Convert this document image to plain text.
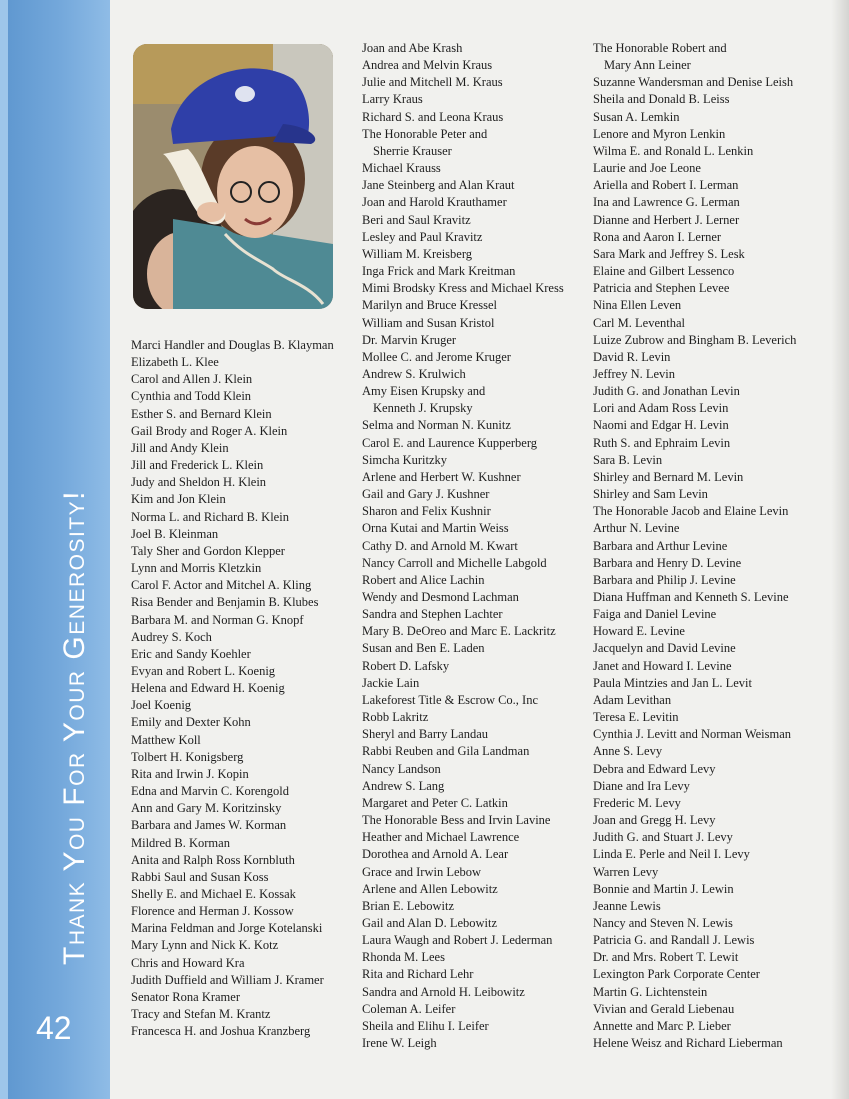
Thank You For Your Generosity!
42
Marci Handler and Douglas B. Klayman
Elizabeth L. Klee
Carol and Allen J. Klein
Cynthia and Todd Klein
Esther S. and Bernard Klein
Gail Brody and Roger A. Klein
Jill and Andy Klein
Jill and Frederick L. Klein
Judy and Sheldon H. Klein
Kim and Jon Klein
Norma L. and Richard B. Klein
Joel B. Kleinman
Taly Sher and Gordon Klepper
Lynn and Morris Kletzkin
Carol F. Actor and Mitchel A. Kling
Risa Bender and Benjamin B. Klubes
Barbara M. and Norman G. Knopf
Audrey S. Koch
Eric and Sandy Koehler
Evyan and Robert L. Koenig
Helena and Edward H. Koenig
Joel Koenig
Emily and Dexter Kohn
Matthew Koll
Tolbert H. Konigsberg
Rita and Irwin J. Kopin
Edna and Marvin C. Korengold
Ann and Gary M. Koritzinsky
Barbara and James W. Korman
Mildred B. Korman
Anita and Ralph Ross Kornbluth
Rabbi Saul and Susan Koss
Shelly E. and Michael E. Kossak
Florence and Herman J. Kossow
Marina Feldman and Jorge Kotelanski
Mary Lynn and Nick K. Kotz
Chris and Howard Kra
Judith Duffield and William J. Kramer
Senator Rona Kramer
Tracy and Stefan M. Krantz
Francesca H. and Joshua Kranzberg
Joan and Abe Krash
Andrea and Melvin Kraus
Julie and Mitchell M. Kraus
Larry Kraus
Richard S. and Leona Kraus
The Honorable Peter and
Sherrie Krauser
Michael Krauss
Jane Steinberg and Alan Kraut
Joan and Harold Krauthamer
Beri and Saul Kravitz
Lesley and Paul Kravitz
William M. Kreisberg
Inga Frick and Mark Kreitman
Mimi Brodsky Kress and Michael Kress
Marilyn and Bruce Kressel
William and Susan Kristol
Dr. Marvin Kruger
Mollee C. and Jerome Kruger
Andrew S. Krulwich
Amy Eisen Krupsky and
Kenneth J. Krupsky
Selma and Norman N. Kunitz
Carol E. and Laurence Kupperberg
Simcha Kuritzky
Arlene and Herbert W. Kushner
Gail and Gary J. Kushner
Sharon and Felix Kushnir
Orna Kutai and Martin Weiss
Cathy D. and Arnold M. Kwart
Nancy Carroll and Michelle Labgold
Robert and Alice Lachin
Wendy and Desmond Lachman
Sandra and Stephen Lachter
Mary B. DeOreo and Marc E. Lackritz
Susan and Ben E. Laden
Robert D. Lafsky
Jackie Lain
Lakeforest Title & Escrow Co., Inc
Robb Lakritz
Sheryl and Barry Landau
Rabbi Reuben and Gila Landman
Nancy Landson
Andrew S. Lang
Margaret and Peter C. Latkin
The Honorable Bess and Irvin Lavine
Heather and Michael Lawrence
Dorothea and Arnold A. Lear
Grace and Irwin Lebow
Arlene and Allen Lebowitz
Brian E. Lebowitz
Gail and Alan D. Lebowitz
Laura Waugh and Robert J. Lederman
Rhonda M. Lees
Rita and Richard Lehr
Sandra and Arnold H. Leibowitz
Coleman A. Leifer
Sheila and Elihu I. Leifer
Irene W. Leigh
The Honorable Robert and
Mary Ann Leiner
Suzanne Wandersman and Denise Leish
Sheila and Donald B. Leiss
Susan A. Lemkin
Lenore and Myron Lenkin
Wilma E. and Ronald L. Lenkin
Laurie and Joe Leone
Ariella and Robert I. Lerman
Ina and Lawrence G. Lerman
Dianne and Herbert J. Lerner
Rona and Aaron I. Lerner
Sara Mark and Jeffrey S. Lesk
Elaine and Gilbert Lessenco
Patricia and Stephen Levee
Nina Ellen Leven
Carl M. Leventhal
Luize Zubrow and Bingham B. Leverich
David R. Levin
Jeffrey N. Levin
Judith G. and Jonathan Levin
Lori and Adam Ross Levin
Naomi and Edgar H. Levin
Ruth S. and Ephraim Levin
Sara B. Levin
Shirley and Bernard M. Levin
Shirley and Sam Levin
The Honorable Jacob and Elaine Levin
Arthur N. Levine
Barbara and Arthur Levine
Barbara and Henry D. Levine
Barbara and Philip J. Levine
Diana Huffman and Kenneth S. Levine
Faiga and Daniel Levine
Howard E. Levine
Jacquelyn and David Levine
Janet and Howard I. Levine
Paula Mintzies and Jan L. Levit
Adam Levithan
Teresa E. Levitin
Cynthia J. Levitt and Norman Weisman
Anne S. Levy
Debra and Edward Levy
Diane and Ira Levy
Frederic M. Levy
Joan and Gregg H. Levy
Judith G. and Stuart J. Levy
Linda E. Perle and Neil I. Levy
Warren Levy
Bonnie and Martin J. Lewin
Jeanne Lewis
Nancy and Steven N. Lewis
Patricia G. and Randall J. Lewis
Dr. and Mrs. Robert T. Lewit
Lexington Park Corporate Center
Martin G. Lichtenstein
Vivian and Gerald Liebenau
Annette and Marc P. Lieber
Helene Weisz and Richard Lieberman
